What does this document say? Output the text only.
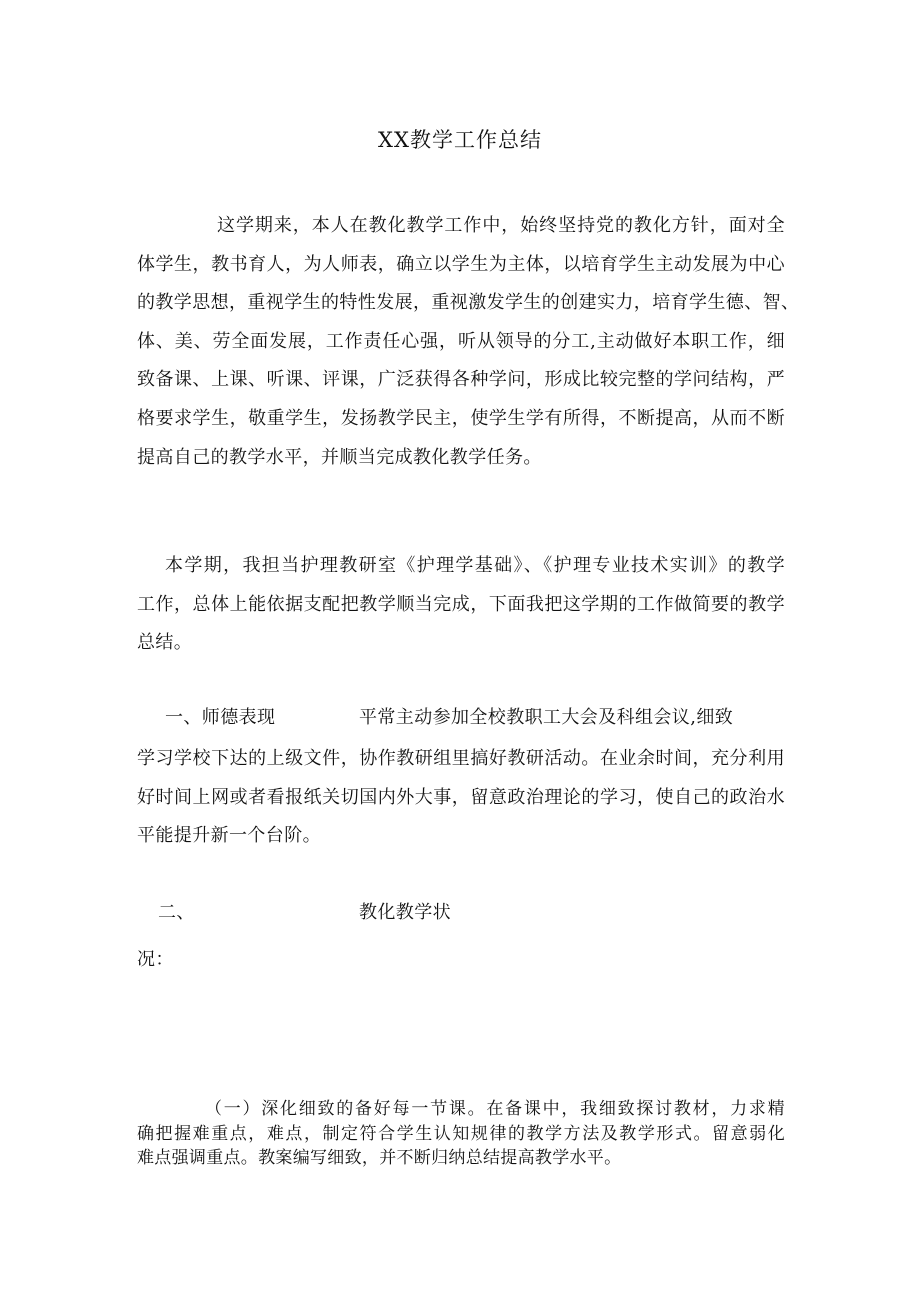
XX教学工作总结
这学期来，本人在教化教学工作中，始终坚持党的教化方针，面对全
体学生，教书育人，为人师表，确立以学生为主体，以培育学生主动发展为中心
的教学思想，重视学生的特性发展，重视激发学生的创建实力，培育学生德、智、
体、美、劳全面发展，工作责任心强，听从领导的分工,主动做好本职工作，细
致备课、上课、听课、评课，广泛获得各种学问，形成比较完整的学问结构，严
格要求学生，敬重学生，发扬教学民主，使学生学有所得，不断提高，从而不断
提高自己的教学水平，并顺当完成教化教学任务。
本学期，我担当护理教研室《护理学基础》、《护理专业技术实训》的教学
工作，总体上能依据支配把教学顺当完成，下面我把这学期的工作做简要的教学
总结。
一、师德表现	平常主动参加全校教职工大会及科组会议,细致
学习学校下达的上级文件，协作教研组里搞好教研活动。在业余时间，充分利用
好时间上网或者看报纸关切国内外大事，留意政治理论的学习，使自己的政治水
平能提升新一个台阶。
二、	教化教学状
况：
（一）深化细致的备好每一节课。在备课中，我细致探讨教材，力求精
确把握难重点，难点，制定符合学生认知规律的教学方法及教学形式。留意弱化
难点强调重点。教案编写细致，并不断归纳总结提高教学水平。
